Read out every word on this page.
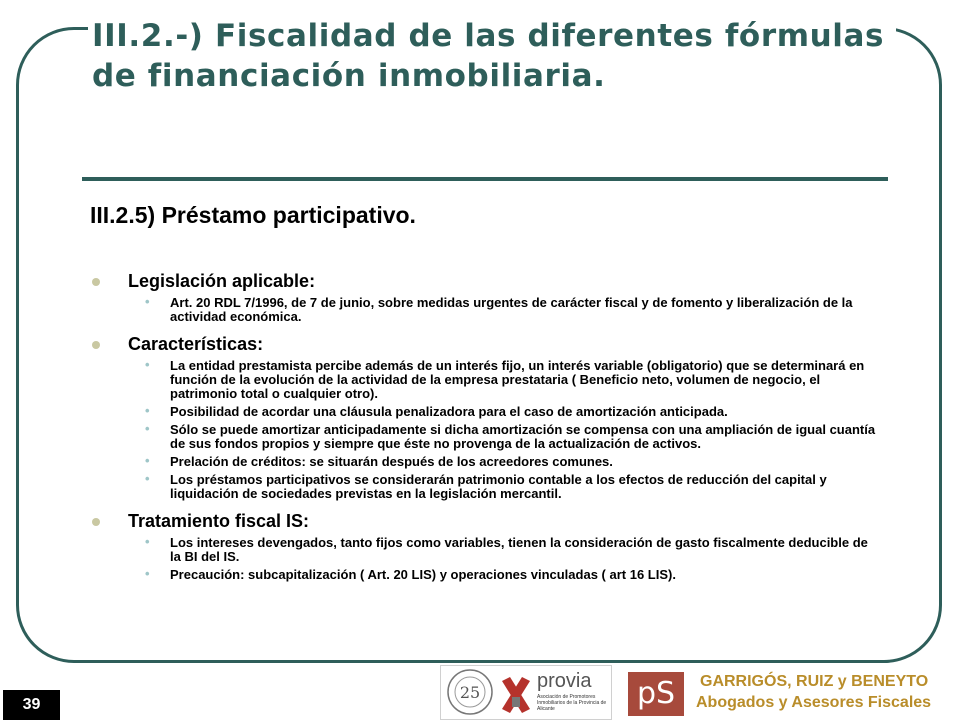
III.2.-) Fiscalidad de las diferentes fórmulas de financiación inmobiliaria.
III.2.5) Préstamo participativo.
Legislación aplicable:
• Art. 20 RDL 7/1996, de 7 de junio, sobre medidas urgentes de carácter fiscal y de fomento y liberalización de la actividad económica.
Características:
• La entidad prestamista percibe además de un interés fijo, un interés variable (obligatorio) que se determinará en función de la evolución de la actividad de la empresa prestataria ( Beneficio neto, volumen de negocio, el patrimonio total o cualquier otro).
• Posibilidad de acordar una cláusula penalizadora para el caso de amortización anticipada.
• Sólo se puede amortizar anticipadamente si dicha amortización se compensa con una ampliación de igual cuantía de sus fondos propios y siempre que éste no provenga de la actualización de activos.
• Prelación de créditos: se situarán después de los acreedores comunes.
• Los préstamos participativos se considerarán patrimonio contable a los efectos de reducción del capital y liquidación de sociedades previstas en la legislación mercantil.
Tratamiento fiscal IS:
• Los intereses devengados, tanto fijos como variables, tienen la consideración de gasto fiscalmente deducible de la BI del IS.
• Precaución: subcapitalización ( Art. 20 LIS) y operaciones vinculadas ( art 16 LIS).
39
25
provia
Asociación de Promotores Inmobiliarios de la Provincia de Alicante	pS	GARRIGÓS, RUIZ y BENEYTO
Abogados y Asesores Fiscales
